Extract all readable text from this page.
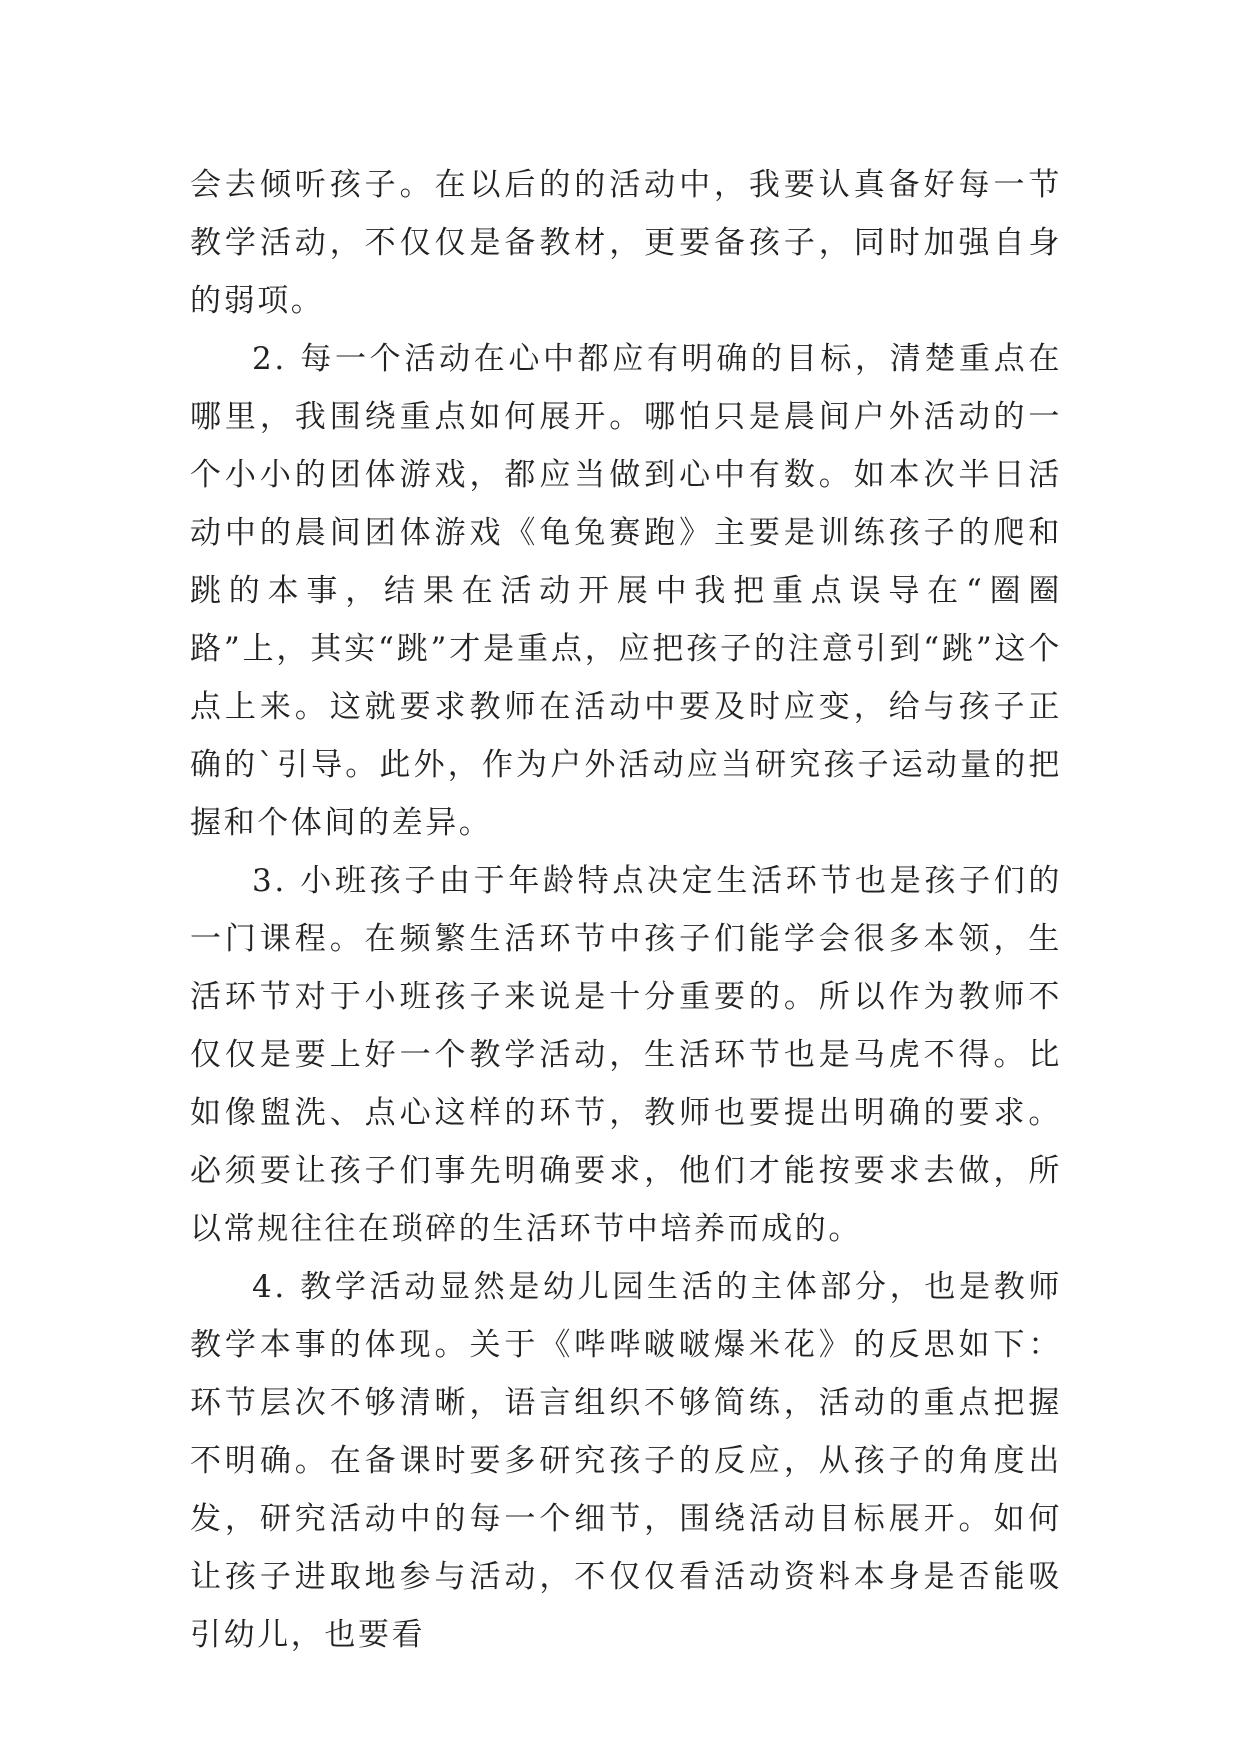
会去倾听孩子。在以后的的活动中，我要认真备好每一节教学活动，不仅仅是备教材，更要备孩子，同时加强自身的弱项。

2. 每一个活动在心中都应有明确的目标，清楚重点在哪里，我围绕重点如何展开。哪怕只是晨间户外活动的一个小小的团体游戏，都应当做到心中有数。如本次半日活动中的晨间团体游戏《龟兔赛跑》主要是训练孩子的爬和跳的本事，结果在活动开展中我把重点误导在“圈圈路”上，其实“跳”才是重点，应把孩子的注意引到“跳”这个点上来。这就要求教师在活动中要及时应变，给与孩子正确的`引导。此外，作为户外活动应当研究孩子运动量的把握和个体间的差异。

3. 小班孩子由于年龄特点决定生活环节也是孩子们的一门课程。在频繁生活环节中孩子们能学会很多本领，生活环节对于小班孩子来说是十分重要的。所以作为教师不仅仅是要上好一个教学活动，生活环节也是马虎不得。比如像盥洗、点心这样的环节，教师也要提出明确的要求。必须要让孩子们事先明确要求，他们才能按要求去做，所以常规往往在琐碎的生活环节中培养而成的。

4. 教学活动显然是幼儿园生活的主体部分，也是教师教学本事的体现。关于《哔哔啵啵爆米花》的反思如下：环节层次不够清晰，语言组织不够简练，活动的重点把握不明确。在备课时要多研究孩子的反应，从孩子的角度出发，研究活动中的每一个细节，围绕活动目标展开。如何让孩子进取地参与活动，不仅仅看活动资料本身是否能吸引幼儿，也要看
